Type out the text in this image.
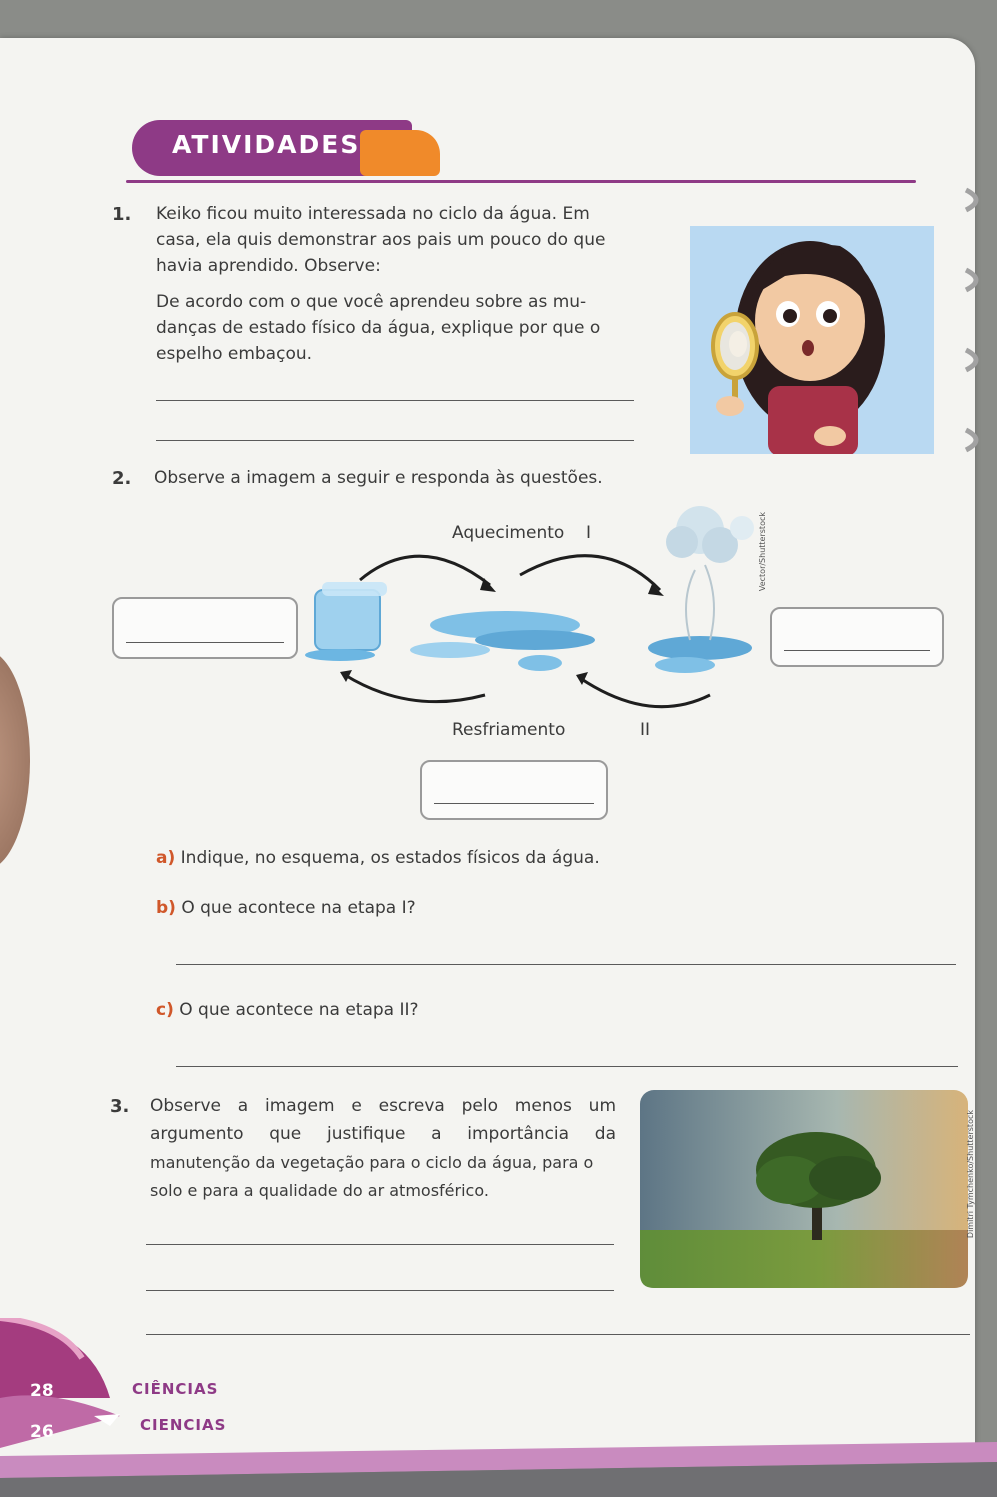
ATIVIDADES
1. Keiko ficou muito interessada no ciclo da água. Em
casa, ela quis demonstrar aos pais um pouco do que
havia aprendido. Observe:
De acordo com o que você aprendeu sobre as mu-
danças de estado físico da água, explique por que o
espelho embaçou.
2. Observe a imagem a seguir e responda às questões.
Vector/Shutterstock
Aquecimento I
Resfriamento	II
a) Indique, no esquema, os estados físicos da água.
b) O que acontece na etapa I?
c) O que acontece na etapa II?
3. Observe a imagem e escreva pelo menos um
argumento que justifique a importância da
manutenção da vegetação para o ciclo da água, para o
solo e para a qualidade do ar atmosférico.	Dimitri Tymchenko/Shutterstock
28	CIÊNCIAS
26	CIENCIAS
